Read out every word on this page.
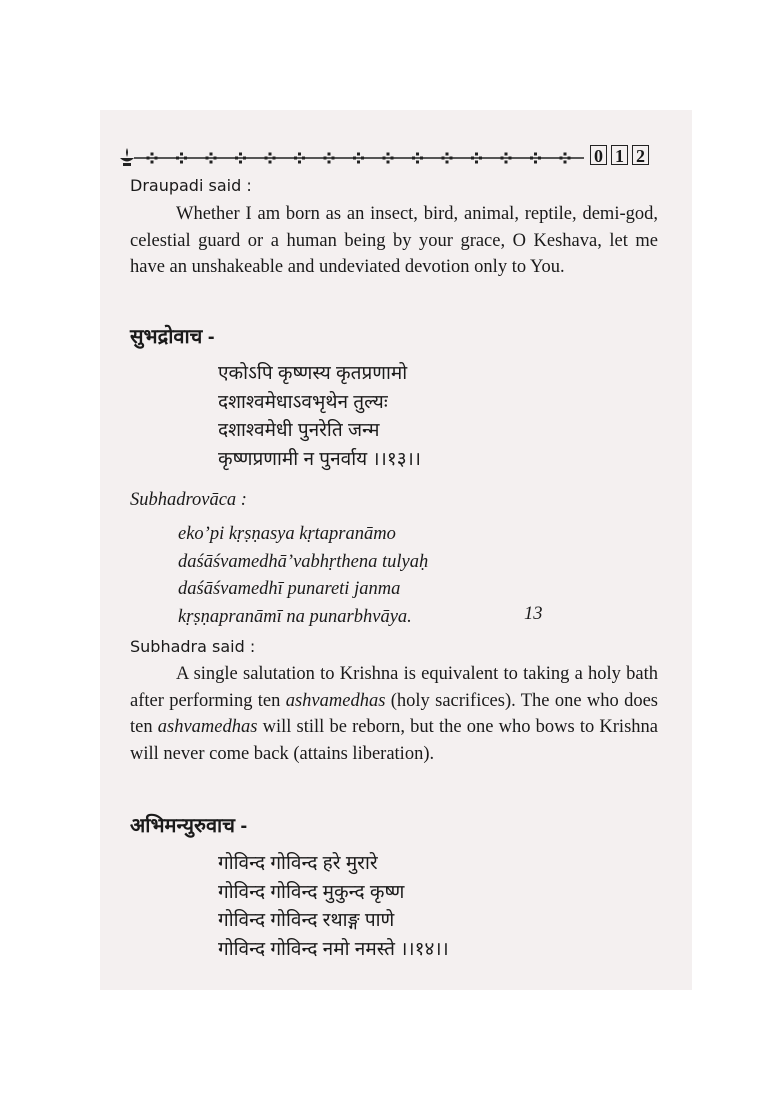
0 1 2
Draupadi said :
Whether I am born as an insect, bird, animal, reptile, demi-god, celestial guard or a human being by your grace, O Keshava, let me have an unshakeable and undeviated devotion only to You.
सुभद्रोवाच -
एकोऽपि कृष्णस्य कृतप्रणामो
दशाश्वमेधाऽवभृथेन तुल्यः
दशाश्वमेधी पुनरेति जन्म
कृष्णप्रणामी न पुनर्वाय ।।१३।।
Subhadrovāca :
eko’pi kṛṣṇasya kṛtapranāmo
daśāśvamedhā’vabhṛthena tulyaḥ
daśāśvamedhī punareti janma
kṛṣṇapranāmī na punarbhvāya.	13
Subhadra said :
A single salutation to Krishna is equivalent to taking a holy bath after performing ten ashvamedhas (holy sacrifices). The one who does ten ashvamedhas will still be reborn, but the one who bows to Krishna will never come back (attains liberation).
अभिमन्युरुवाच -
गोविन्द गोविन्द हरे मुरारे
गोविन्द गोविन्द मुकुन्द कृष्ण
गोविन्द गोविन्द रथाङ्ग पाणे
गोविन्द गोविन्द नमो नमस्ते ।।१४।।
